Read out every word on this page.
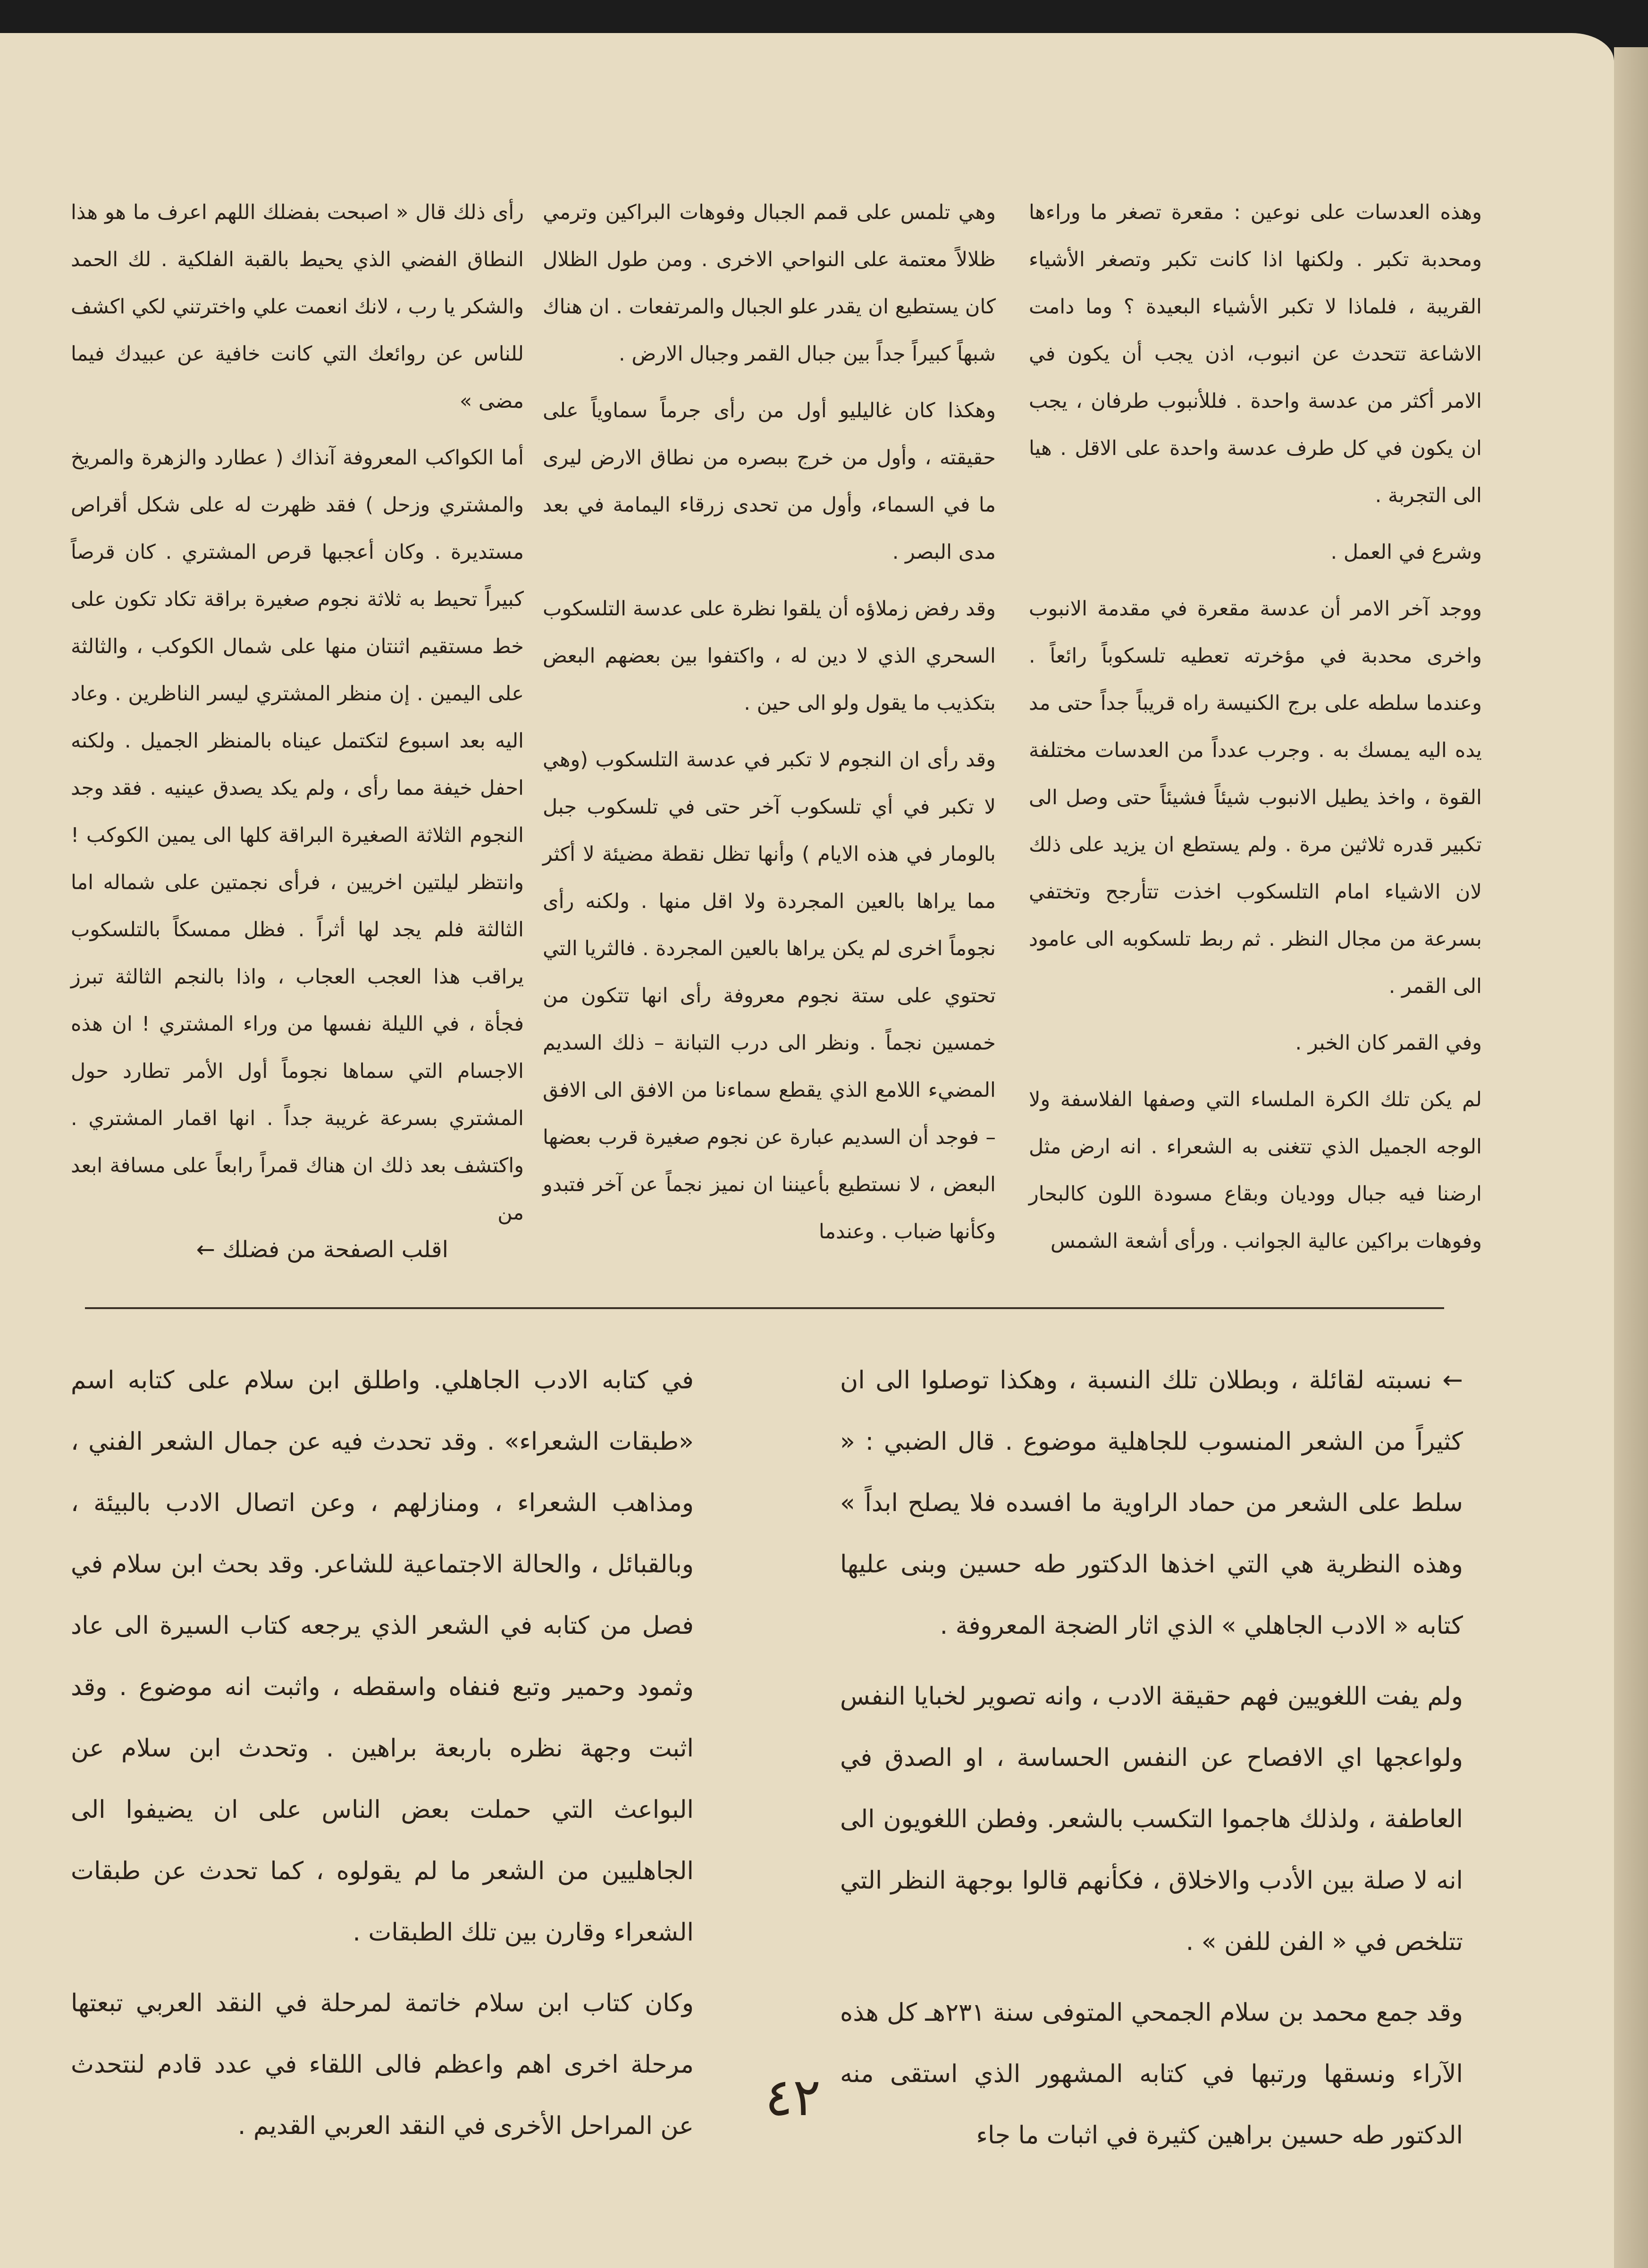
وهذه العدسات على نوعين : مقعرة تصغر ما وراءها ومحدبة تكبر . ولكنها اذا كانت تكبر وتصغر الأشياء القريبة ، فلماذا لا تكبر الأشياء البعيدة ؟ وما دامت الاشاعة تتحدث عن انبوب، اذن يجب أن يكون في الامر أكثر من عدسة واحدة . فللأنبوب طرفان ، يجب ان يكون في كل طرف عدسة واحدة على الاقل . هيا الى التجربة .

وشرع في العمل .

ووجد آخر الامر أن عدسة مقعرة في مقدمة الانبوب واخرى محدبة في مؤخرته تعطيه تلسكوباً رائعاً . وعندما سلطه على برج الكنيسة راه قريباً جداً حتى مد يده اليه يمسك به . وجرب عدداً من العدسات مختلفة القوة ، واخذ يطيل الانبوب شيئاً فشيئاً حتى وصل الى تكبير قدره ثلاثين مرة . ولم يستطع ان يزيد على ذلك لان الاشياء امام التلسكوب اخذت تتأرجح وتختفي بسرعة من مجال النظر . ثم ربط تلسكوبه الى عامود الى القمر .

وفي القمر كان الخبر .

لم يكن تلك الكرة الملساء التي وصفها الفلاسفة ولا الوجه الجميل الذي تتغنى به الشعراء . انه ارض مثل ارضنا فيه جبال ووديان وبقاع مسودة اللون كالبحار وفوهات براكين عالية الجوانب . ورأى أشعة الشمس

وهي تلمس على قمم الجبال وفوهات البراكين وترمي ظلالاً معتمة على النواحي الاخرى . ومن طول الظلال كان يستطيع ان يقدر علو الجبال والمرتفعات . ان هناك شبهاً كبيراً جداً بين جبال القمر وجبال الارض .

وهكذا كان غاليليو أول من رأى جرماً سماوياً على حقيقته ، وأول من خرج ببصره من نطاق الارض ليرى ما في السماء، وأول من تحدى زرقاء اليمامة في بعد مدى البصر .

وقد رفض زملاؤه أن يلقوا نظرة على عدسة التلسكوب السحري الذي لا دين له ، واكتفوا بين بعضهم البعض بتكذيب ما يقول ولو الى حين .

وقد رأى ان النجوم لا تكبر في عدسة التلسكوب (وهي لا تكبر في أي تلسكوب آخر حتى في تلسكوب جبل بالومار في هذه الايام ) وأنها تظل نقطة مضيئة لا أكثر مما يراها بالعين المجردة ولا اقل منها . ولكنه رأى نجوماً اخرى لم يكن يراها بالعين المجردة . فالثريا التي تحتوي على ستة نجوم معروفة رأى انها تتكون من خمسين نجماً . ونظر الى درب التبانة – ذلك السديم المضيء اللامع الذي يقطع سماءنا من الافق الى الافق – فوجد أن السديم عبارة عن نجوم صغيرة قرب بعضها البعض ، لا نستطيع بأعيننا ان نميز نجماً عن آخر فتبدو وكأنها ضباب . وعندما

رأى ذلك قال « اصبحت بفضلك اللهم اعرف ما هو هذا النطاق الفضي الذي يحيط بالقبة الفلكية . لك الحمد والشكر يا رب ، لانك انعمت علي واخترتني لكي اكشف للناس عن روائعك التي كانت خافية عن عبيدك فيما مضى »

أما الكواكب المعروفة آنذاك ( عطارد والزهرة والمريخ والمشتري وزحل ) فقد ظهرت له على شكل أقراص مستديرة . وكان أعجبها قرص المشتري . كان قرصاً كبيراً تحيط به ثلاثة نجوم صغيرة براقة تكاد تكون على خط مستقيم اثنتان منها على شمال الكوكب ، والثالثة على اليمين . إن منظر المشتري ليسر الناظرين . وعاد اليه بعد اسبوع لتكتمل عيناه بالمنظر الجميل . ولكنه احفل خيفة مما رأى ، ولم يكد يصدق عينيه . فقد وجد النجوم الثلاثة الصغيرة البراقة كلها الى يمين الكوكب ! وانتظر ليلتين اخريين ، فرأى نجمتين على شماله اما الثالثة فلم يجد لها أثراً . فظل ممسكاً بالتلسكوب يراقب هذا العجب العجاب ، واذا بالنجم الثالثة تبرز فجأة ، في الليلة نفسها من وراء المشتري ! ان هذه الاجسام التي سماها نجوماً أول الأمر تطارد حول المشتري بسرعة غريبة جداً . انها اقمار المشتري . واكتشف بعد ذلك ان هناك قمراً رابعاً على مسافة ابعد من

اقلب الصفحة من فضلك ←

← نسبته لقائلة ، وبطلان تلك النسبة ، وهكذا توصلوا الى ان كثيراً من الشعر المنسوب للجاهلية موضوع . قال الضبي : « سلط على الشعر من حماد الراوية ما افسده فلا يصلح ابداً » وهذه النظرية هي التي اخذها الدكتور طه حسين وبنى عليها كتابه « الادب الجاهلي » الذي اثار الضجة المعروفة .

ولم يفت اللغويين فهم حقيقة الادب ، وانه تصوير لخبايا النفس ولواعجها اي الافصاح عن النفس الحساسة ، او الصدق في العاطفة ، ولذلك هاجموا التكسب بالشعر. وفطن اللغويون الى انه لا صلة بين الأدب والاخلاق ، فكأنهم قالوا بوجهة النظر التي تتلخص في « الفن للفن » .

وقد جمع محمد بن سلام الجمحي المتوفى سنة ٢٣١هـ كل هذه الآراء ونسقها ورتبها في كتابه المشهور الذي استقى منه الدكتور طه حسين براهين كثيرة في اثبات ما جاء

في كتابه الادب الجاهلي. واطلق ابن سلام على كتابه اسم «طبقات الشعراء» . وقد تحدث فيه عن جمال الشعر الفني ، ومذاهب الشعراء ، ومنازلهم ، وعن اتصال الادب بالبيئة ، وبالقبائل ، والحالة الاجتماعية للشاعر. وقد بحث ابن سلام في فصل من كتابه في الشعر الذي يرجعه كتاب السيرة الى عاد وثمود وحمير وتبع فنفاه واسقطه ، واثبت انه موضوع . وقد اثبت وجهة نظره باربعة براهين . وتحدث ابن سلام عن البواعث التي حملت بعض الناس على ان يضيفوا الى الجاهليين من الشعر ما لم يقولوه ، كما تحدث عن طبقات الشعراء وقارن بين تلك الطبقات .

وكان كتاب ابن سلام خاتمة لمرحلة في النقد العربي تبعتها مرحلة اخرى اهم واعظم فالى اللقاء في عدد قادم لنتحدث عن المراحل الأخرى في النقد العربي القديم .	٤٢
